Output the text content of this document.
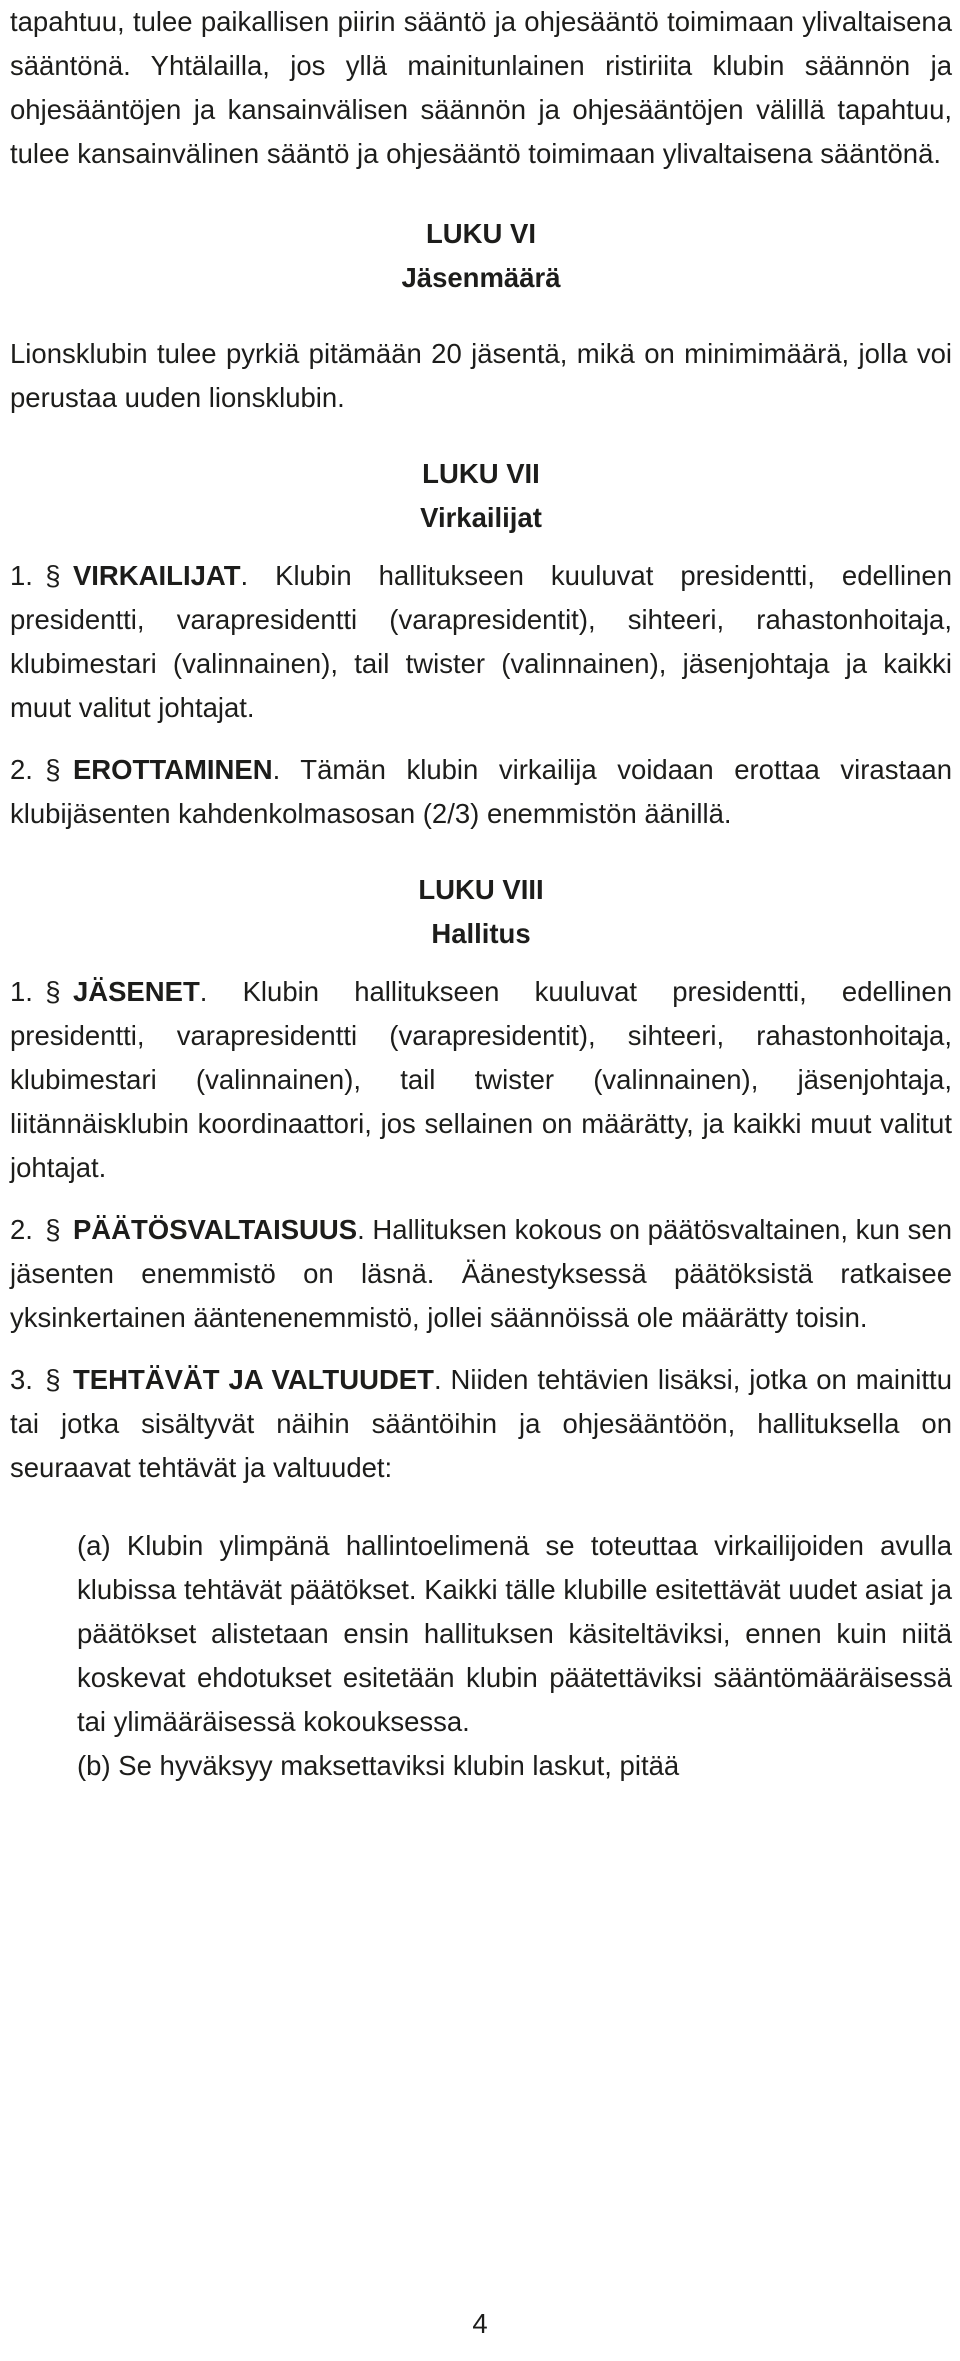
tapahtuu, tulee paikallisen piirin sääntö ja ohjesääntö toimimaan ylivaltaisena sääntönä. Yhtälailla, jos yllä mainitunlainen ristiriita klubin säännön ja ohjesääntöjen ja kansainvälisen säännön ja ohjesääntöjen välillä tapahtuu, tulee kansainvälinen sääntö ja ohjesääntö toimimaan ylivaltaisena sääntönä.

LUKU VI
Jäsenmäärä

Lionsklubin tulee pyrkiä pitämään 20 jäsentä, mikä on minimimäärä, jolla voi perustaa uuden lionsklubin.

LUKU VII
Virkailijat

1. § VIRKAILIJAT. Klubin hallitukseen kuuluvat presidentti, edellinen presidentti, varapresidentti (varapresidentit), sihteeri, rahastonhoitaja, klubimestari (valinnainen), tail twister (valinnainen), jäsenjohtaja ja kaikki muut valitut johtajat.

2. § EROTTAMINEN. Tämän klubin virkailija voidaan erottaa virastaan klubijäsenten kahdenkolmasosan (2/3) enemmistön äänillä.

LUKU VIII
Hallitus

1. § JÄSENET. Klubin hallitukseen kuuluvat presidentti, edellinen presidentti, varapresidentti (varapresidentit), sihteeri, rahastonhoitaja, klubimestari (valinnainen), tail twister (valinnainen), jäsenjohtaja, liitännäisklubin koordinaattori, jos sellainen on määrätty, ja kaikki muut valitut johtajat.

2. § PÄÄTÖSVALTAISUUS. Hallituksen kokous on päätösvaltainen, kun sen jäsenten enemmistö on läsnä. Äänestyksessä päätöksistä ratkaisee yksinkertainen ääntenenemmistö, jollei säännöissä ole määrätty toisin.

3. § TEHTÄVÄT JA VALTUUDET. Niiden tehtävien lisäksi, jotka on mainittu tai jotka sisältyvät näihin sääntöihin ja ohjesääntöön, hallituksella on seuraavat tehtävät ja valtuudet:

(a) Klubin ylimpänä hallintoelimenä se toteuttaa virkailijoiden avulla klubissa tehtävät päätökset. Kaikki tälle klubille esitettävät uudet asiat ja päätökset alistetaan ensin hallituksen käsiteltäviksi, ennen kuin niitä koskevat ehdotukset esitetään klubin päätettäviksi sääntömääräisessä tai ylimääräisessä kokouksessa.

(b) Se hyväksyy maksettaviksi klubin laskut, pitää

4
